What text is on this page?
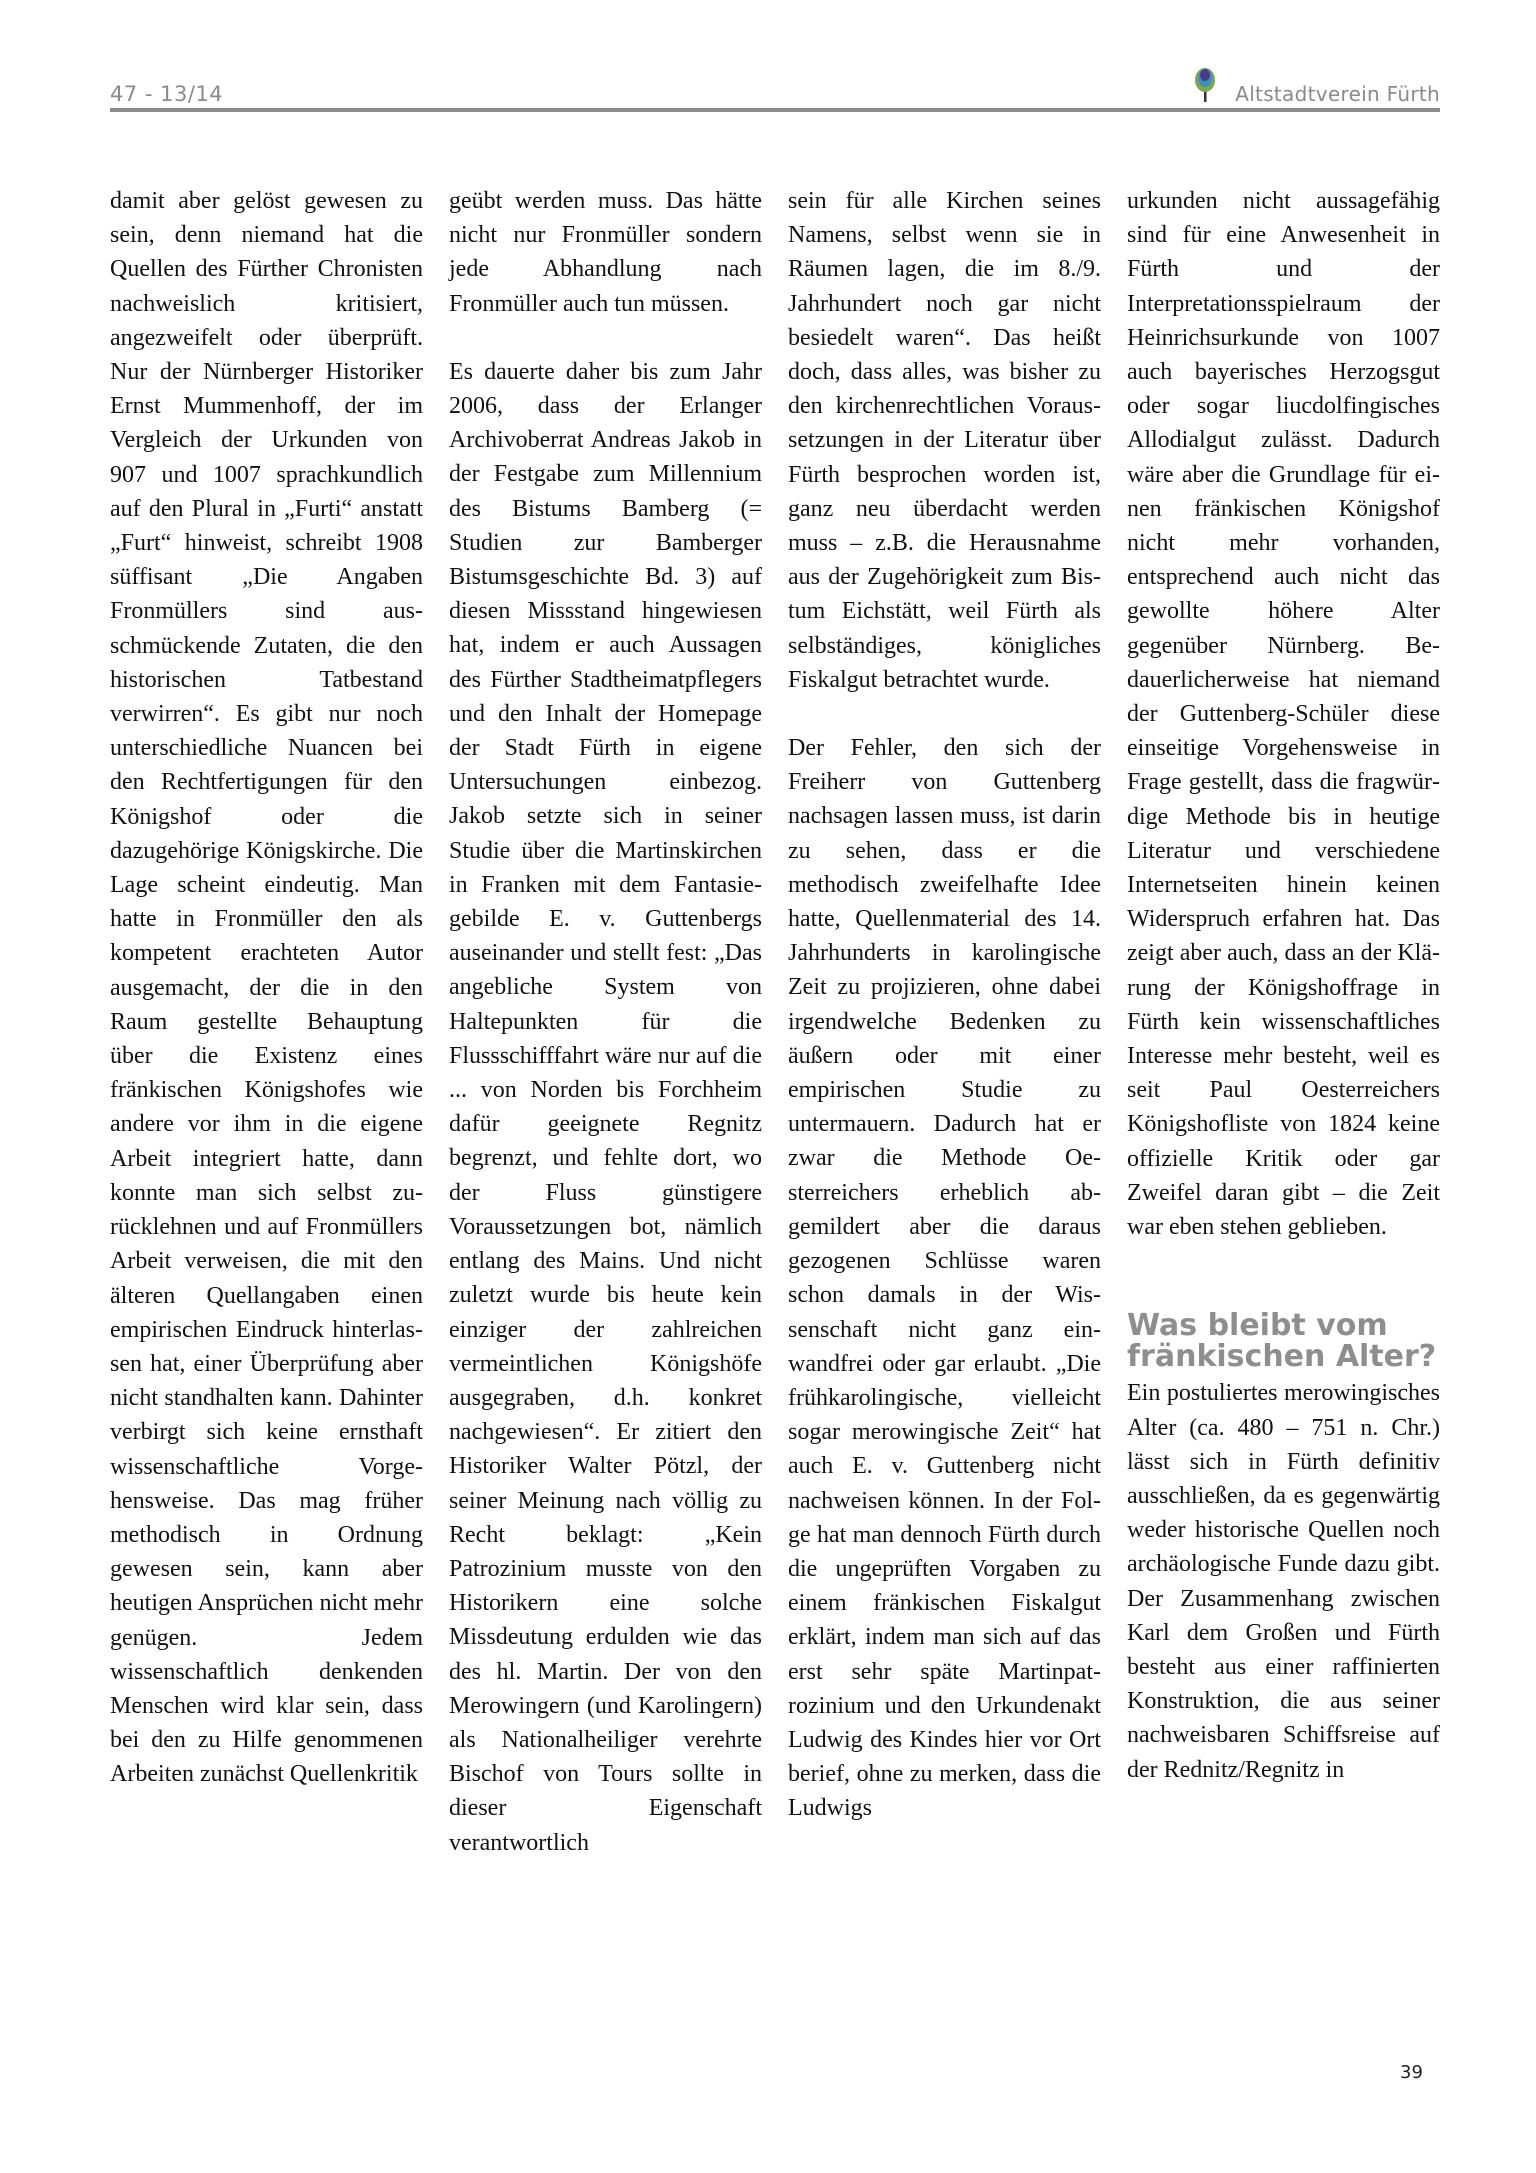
47 - 13/14	Altstadtverein Fürth

damit aber gelöst gewesen zu sein, denn niemand hat die Quellen des Fürther Chronisten nachweislich kritisiert, angezweifelt oder überprüft. Nur der Nürnberger Historiker Ernst Mummenhoff, der im Vergleich der Urkunden von 907 und 1007 sprachkundlich auf den Plural in „Furti“ anstatt „Furt“ hinweist, schreibt 1908 süffisant „Die Angaben Fronmüllers sind ausschmückende Zutaten, die den historischen Tatbestand verwirren“. Es gibt nur noch unterschiedliche Nuancen bei den Rechtfertigungen für den Königshof oder die dazugehörige Königskirche. Die Lage scheint eindeutig. Man hatte in Fronmüller den als kompetent erachteten Autor ausgemacht, der die in den Raum gestellte Behauptung über die Existenz eines fränkischen Königshofes wie andere vor ihm in die eigene Arbeit integriert hatte, dann konnte man sich selbst zurücklehnen und auf Fronmüllers Arbeit verweisen, die mit den älteren Quellangaben einen empirischen Eindruck hinterlassen hat, einer Überprüfung aber nicht standhalten kann. Dahinter verbirgt sich keine ernsthaft wissenschaftliche Vorgehensweise. Das mag früher methodisch in Ordnung gewesen sein, kann aber heutigen Ansprüchen nicht mehr genügen. Jedem wissenschaftlich denkenden Menschen wird klar sein, dass bei den zu Hilfe genommenen Arbeiten zunächst Quellenkritik

geübt werden muss. Das hätte nicht nur Fronmüller sondern jede Abhandlung nach Fronmüller auch tun müssen.

Es dauerte daher bis zum Jahr 2006, dass der Erlanger Archivoberrat Andreas Jakob in der Festgabe zum Millennium des Bistums Bamberg (= Studien zur Bamberger Bistumsgeschichte Bd. 3) auf diesen Missstand hingewiesen hat, indem er auch Aussagen des Fürther Stadtheimatpflegers und den Inhalt der Homepage der Stadt Fürth in eigene Untersuchungen einbezog. Jakob setzte sich in seiner Studie über die Martinskirchen in Franken mit dem Fantasiegebilde E. v. Guttenbergs auseinander und stellt fest: „Das angebliche System von Haltepunkten für die Flussschifffahrt wäre nur auf die ... von Norden bis Forchheim dafür geeignete Regnitz begrenzt, und fehlte dort, wo der Fluss günstigere Voraussetzungen bot, nämlich entlang des Mains. Und nicht zuletzt wurde bis heute kein einziger der zahlreichen vermeintlichen Königshöfe ausgegraben, d.h. konkret nachgewiesen“. Er zitiert den Historiker Walter Pötzl, der seiner Meinung nach völlig zu Recht beklagt: „Kein Patrozinium musste von den Historikern eine solche Missdeutung erdulden wie das des hl. Martin. Der von den Merowingern (und Karolingern) als Nationalheiliger verehrte Bischof von Tours sollte in dieser Eigenschaft verantwortlich

sein für alle Kirchen seines Namens, selbst wenn sie in Räumen lagen, die im 8./9. Jahrhundert noch gar nicht besiedelt waren“. Das heißt doch, dass alles, was bisher zu den kirchenrechtlichen Voraussetzungen in der Literatur über Fürth besprochen worden ist, ganz neu überdacht werden muss – z.B. die Herausnahme aus der Zugehörigkeit zum Bistum Eichstätt, weil Fürth als selbständiges, königliches Fiskalgut betrachtet wurde.

Der Fehler, den sich der Freiherr von Guttenberg nachsagen lassen muss, ist darin zu sehen, dass er die methodisch zweifelhafte Idee hatte, Quellenmaterial des 14. Jahrhunderts in karolingische Zeit zu projizieren, ohne dabei irgendwelche Bedenken zu äußern oder mit einer empirischen Studie zu untermauern. Dadurch hat er zwar die Methode Oesterreichers erheblich abgemildert aber die daraus gezogenen Schlüsse waren schon damals in der Wissenschaft nicht ganz einwandfrei oder gar erlaubt. „Die frühkarolingische, vielleicht sogar merowingische Zeit“ hat auch E. v. Guttenberg nicht nachweisen können. In der Folge hat man dennoch Fürth durch die ungeprüften Vorgaben zu einem fränkischen Fiskalgut erklärt, indem man sich auf das erst sehr späte Martinpatrozinium und den Urkundenakt Ludwig des Kindes hier vor Ort berief, ohne zu merken, dass die Ludwigs

urkunden nicht aussagefähig sind für eine Anwesenheit in Fürth und der Interpretationsspielraum der Heinrichsurkunde von 1007 auch bayerisches Herzogsgut oder sogar liucdolfingisches Allodialgut zulässt. Dadurch wäre aber die Grundlage für einen fränkischen Königshof nicht mehr vorhanden, entsprechend auch nicht das gewollte höhere Alter gegenüber Nürnberg. Bedauerlicherweise hat niemand der Guttenberg-Schüler diese einseitige Vorgehensweise in Frage gestellt, dass die fragwürdige Methode bis in heutige Literatur und verschiedene Internetseiten hinein keinen Widerspruch erfahren hat. Das zeigt aber auch, dass an der Klärung der Königshoffrage in Fürth kein wissenschaftliches Interesse mehr besteht, weil es seit Paul Oesterreichers Königshofliste von 1824 keine offizielle Kritik oder gar Zweifel daran gibt – die Zeit war eben stehen geblieben.

Was bleibt vom fränkischen Alter?

Ein postuliertes merowingisches Alter (ca. 480 – 751 n. Chr.) lässt sich in Fürth definitiv ausschließen, da es gegenwärtig weder historische Quellen noch archäologische Funde dazu gibt. Der Zusammenhang zwischen Karl dem Großen und Fürth besteht aus einer raffinierten Konstruktion, die aus seiner nachweisbaren Schiffsreise auf der Rednitz/Regnitz in

39
